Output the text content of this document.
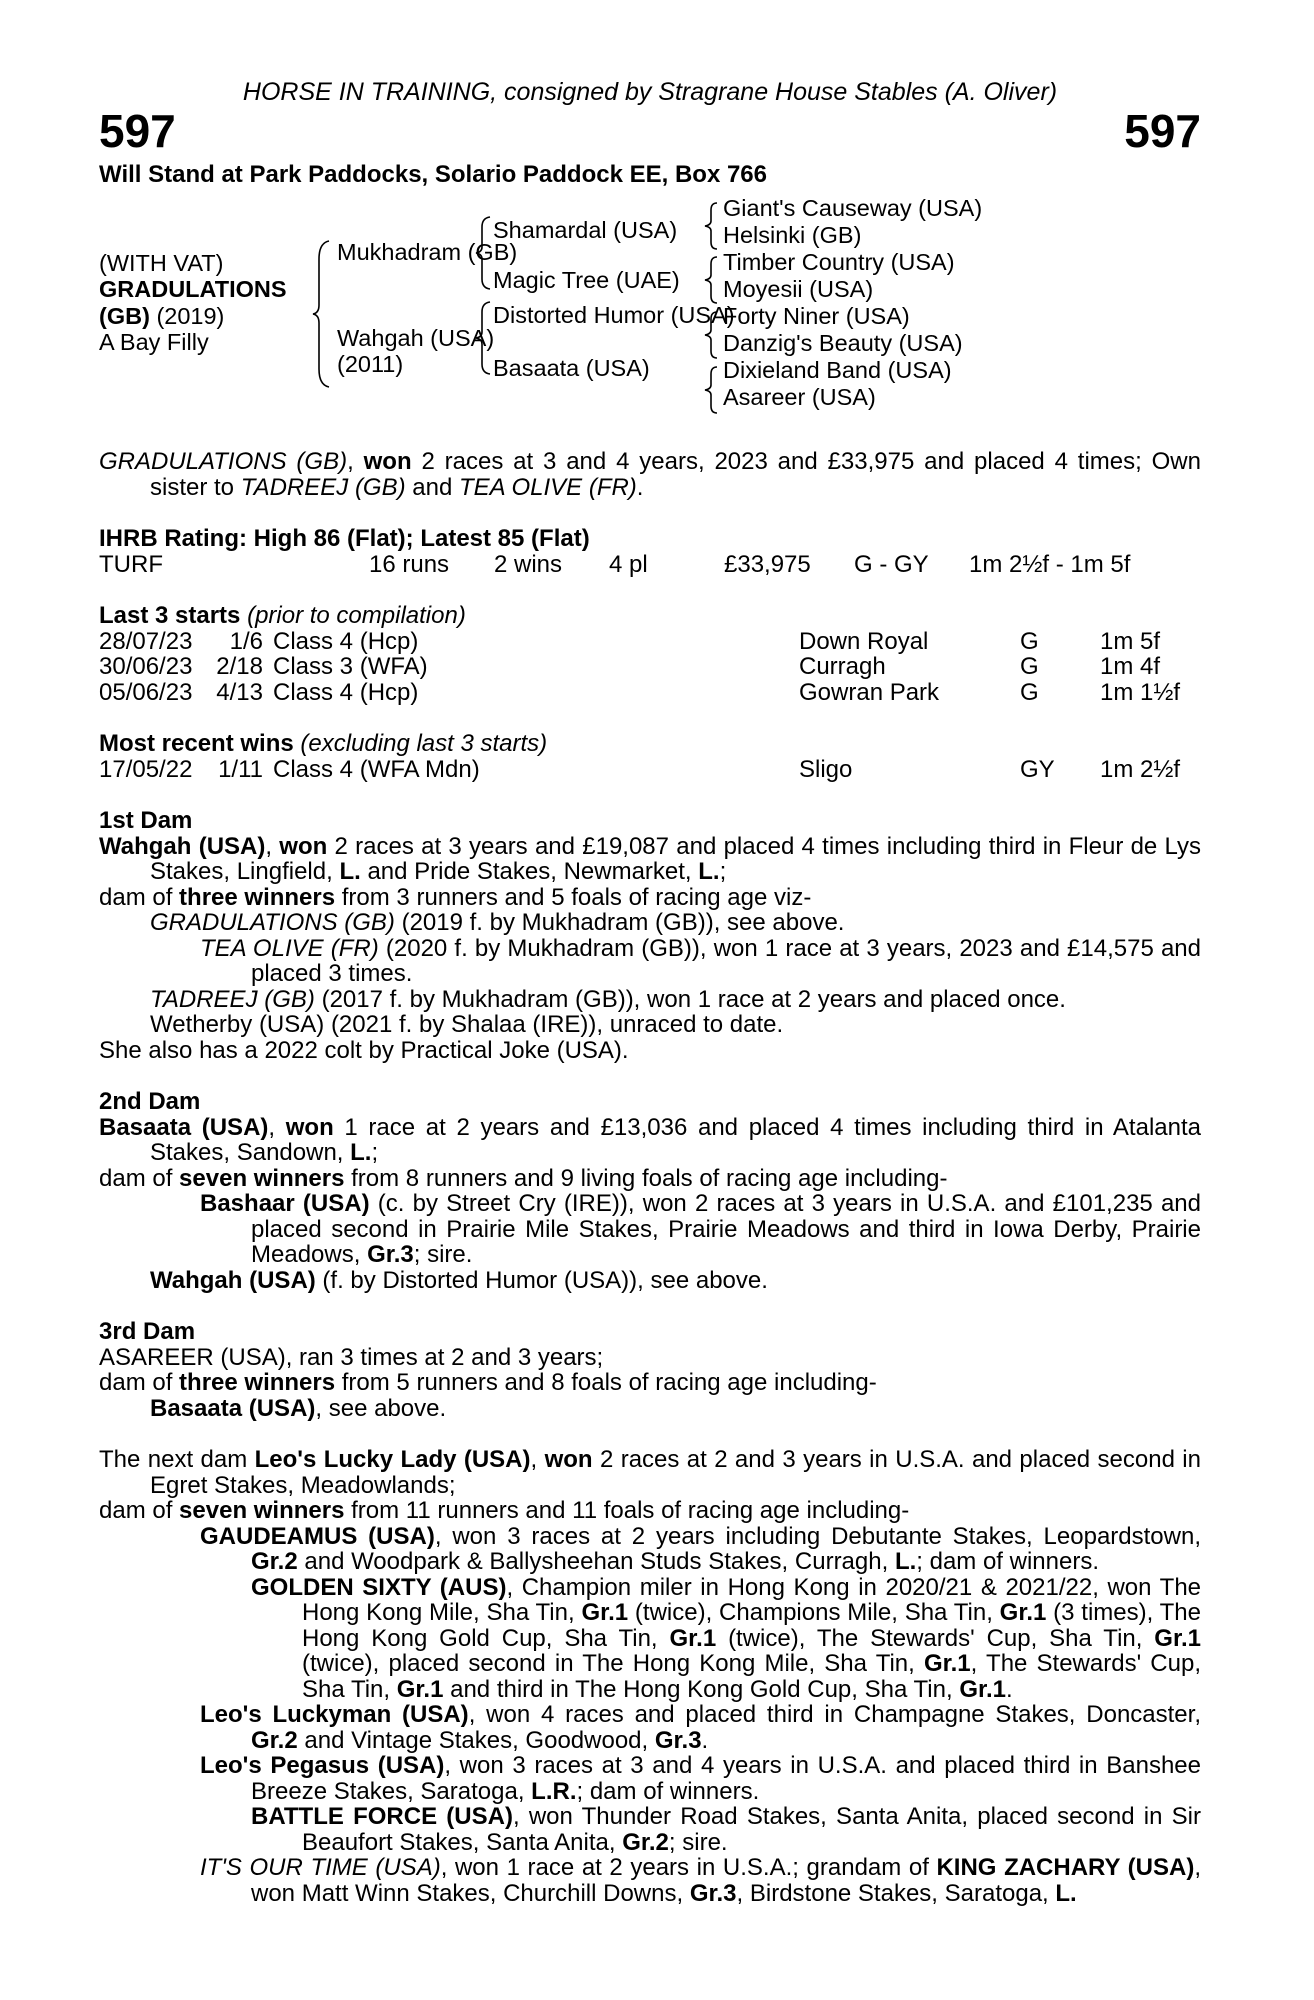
HORSE IN TRAINING, consigned by Stragrane House Stables (A. Oliver)
597	597
Will Stand at Park Paddocks, Solario Paddock EE, Box 766
(WITH VAT)
GRADULATIONS
(GB) (2019)
A Bay Filly
Mukhadram (GB)
Wahgah (USA)
(2011)
Shamardal (USA)
Magic Tree (UAE)
Distorted Humor (USA)
Basaata (USA)
Giant's Causeway (USA)
Helsinki (GB)
Timber Country (USA)
Moyesii (USA)
Forty Niner (USA)
Danzig's Beauty (USA)
Dixieland Band (USA)
Asareer (USA)
GRADULATIONS (GB), won 2 races at 3 and 4 years, 2023 and £33,975 and placed 4 times; Own sister to TADREEJ (GB) and TEA OLIVE (FR).
IHRB Rating: High 86 (Flat); Latest 85 (Flat)
TURF	16 runs	2 wins	4 pl	£33,975	G - GY	1m 2½f - 1m 5f
Last 3 starts (prior to compilation)
28/07/23	1/6 Class 4 (Hcp)	Down Royal	G	1m 5f
30/06/23 2/18 Class 3 (WFA)	Curragh	G	1m 4f
05/06/23 4/13 Class 4 (Hcp)	Gowran Park	G	1m 1½f
Most recent wins (excluding last 3 starts)
17/05/22	1/11 Class 4 (WFA Mdn)	Sligo	GY	1m 2½f
1st Dam
Wahgah (USA), won 2 races at 3 years and £19,087 and placed 4 times including third in Fleur de Lys Stakes, Lingfield, L. and Pride Stakes, Newmarket, L.;
dam of three winners from 3 runners and 5 foals of racing age viz-
GRADULATIONS (GB) (2019 f. by Mukhadram (GB)), see above.
TEA OLIVE (FR) (2020 f. by Mukhadram (GB)), won 1 race at 3 years, 2023 and £14,575 and placed 3 times.
TADREEJ (GB) (2017 f. by Mukhadram (GB)), won 1 race at 2 years and placed once.
Wetherby (USA) (2021 f. by Shalaa (IRE)), unraced to date.
She also has a 2022 colt by Practical Joke (USA).
2nd Dam
Basaata (USA), won 1 race at 2 years and £13,036 and placed 4 times including third in Atalanta Stakes, Sandown, L.;
dam of seven winners from 8 runners and 9 living foals of racing age including-
Bashaar (USA) (c. by Street Cry (IRE)), won 2 races at 3 years in U.S.A. and £101,235 and placed second in Prairie Mile Stakes, Prairie Meadows and third in Iowa Derby, Prairie Meadows, Gr.3; sire.
Wahgah (USA) (f. by Distorted Humor (USA)), see above.
3rd Dam
ASAREER (USA), ran 3 times at 2 and 3 years;
dam of three winners from 5 runners and 8 foals of racing age including-
Basaata (USA), see above.
The next dam Leo's Lucky Lady (USA), won 2 races at 2 and 3 years in U.S.A. and placed second in Egret Stakes, Meadowlands;
dam of seven winners from 11 runners and 11 foals of racing age including-
GAUDEAMUS (USA), won 3 races at 2 years including Debutante Stakes, Leopardstown, Gr.2 and Woodpark & Ballysheehan Studs Stakes, Curragh, L.; dam of winners.
GOLDEN SIXTY (AUS), Champion miler in Hong Kong in 2020/21 & 2021/22, won The Hong Kong Mile, Sha Tin, Gr.1 (twice), Champions Mile, Sha Tin, Gr.1 (3 times), The Hong Kong Gold Cup, Sha Tin, Gr.1 (twice), The Stewards' Cup, Sha Tin, Gr.1 (twice), placed second in The Hong Kong Mile, Sha Tin, Gr.1, The Stewards' Cup, Sha Tin, Gr.1 and third in The Hong Kong Gold Cup, Sha Tin, Gr.1.
Leo's Luckyman (USA), won 4 races and placed third in Champagne Stakes, Doncaster, Gr.2 and Vintage Stakes, Goodwood, Gr.3.
Leo's Pegasus (USA), won 3 races at 3 and 4 years in U.S.A. and placed third in Banshee Breeze Stakes, Saratoga, L.R.; dam of winners.
BATTLE FORCE (USA), won Thunder Road Stakes, Santa Anita, placed second in Sir Beaufort Stakes, Santa Anita, Gr.2; sire.
IT'S OUR TIME (USA), won 1 race at 2 years in U.S.A.; grandam of KING ZACHARY (USA), won Matt Winn Stakes, Churchill Downs, Gr.3, Birdstone Stakes, Saratoga, L.
